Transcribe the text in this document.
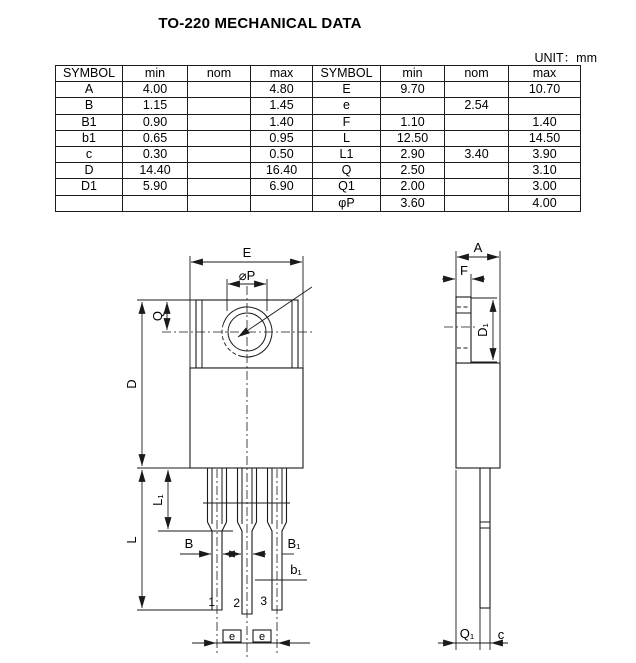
TO-220 MECHANICAL DATA
UNIT：mm
SYMBOL	min	nom	max	SYMBOL	min	nom	max
A	4.00		4.80	E	9.70		10.70
B	1.15		1.45	e		2.54	
B1	0.90		1.40	F	1.10		1.40
b1	0.65		0.95	L	12.50		14.50
c	0.30		0.50	L1	2.90	3.40	3.90
D	14.40		16.40	Q	2.50		3.10
D1	5.90		6.90	Q1	2.00		3.00
				φP	3.60		4.00
E
⌀P
Q
D
L
L₁
B	B₁
b₁
1 2 3
e e
A
F
D₁
Q₁ c
